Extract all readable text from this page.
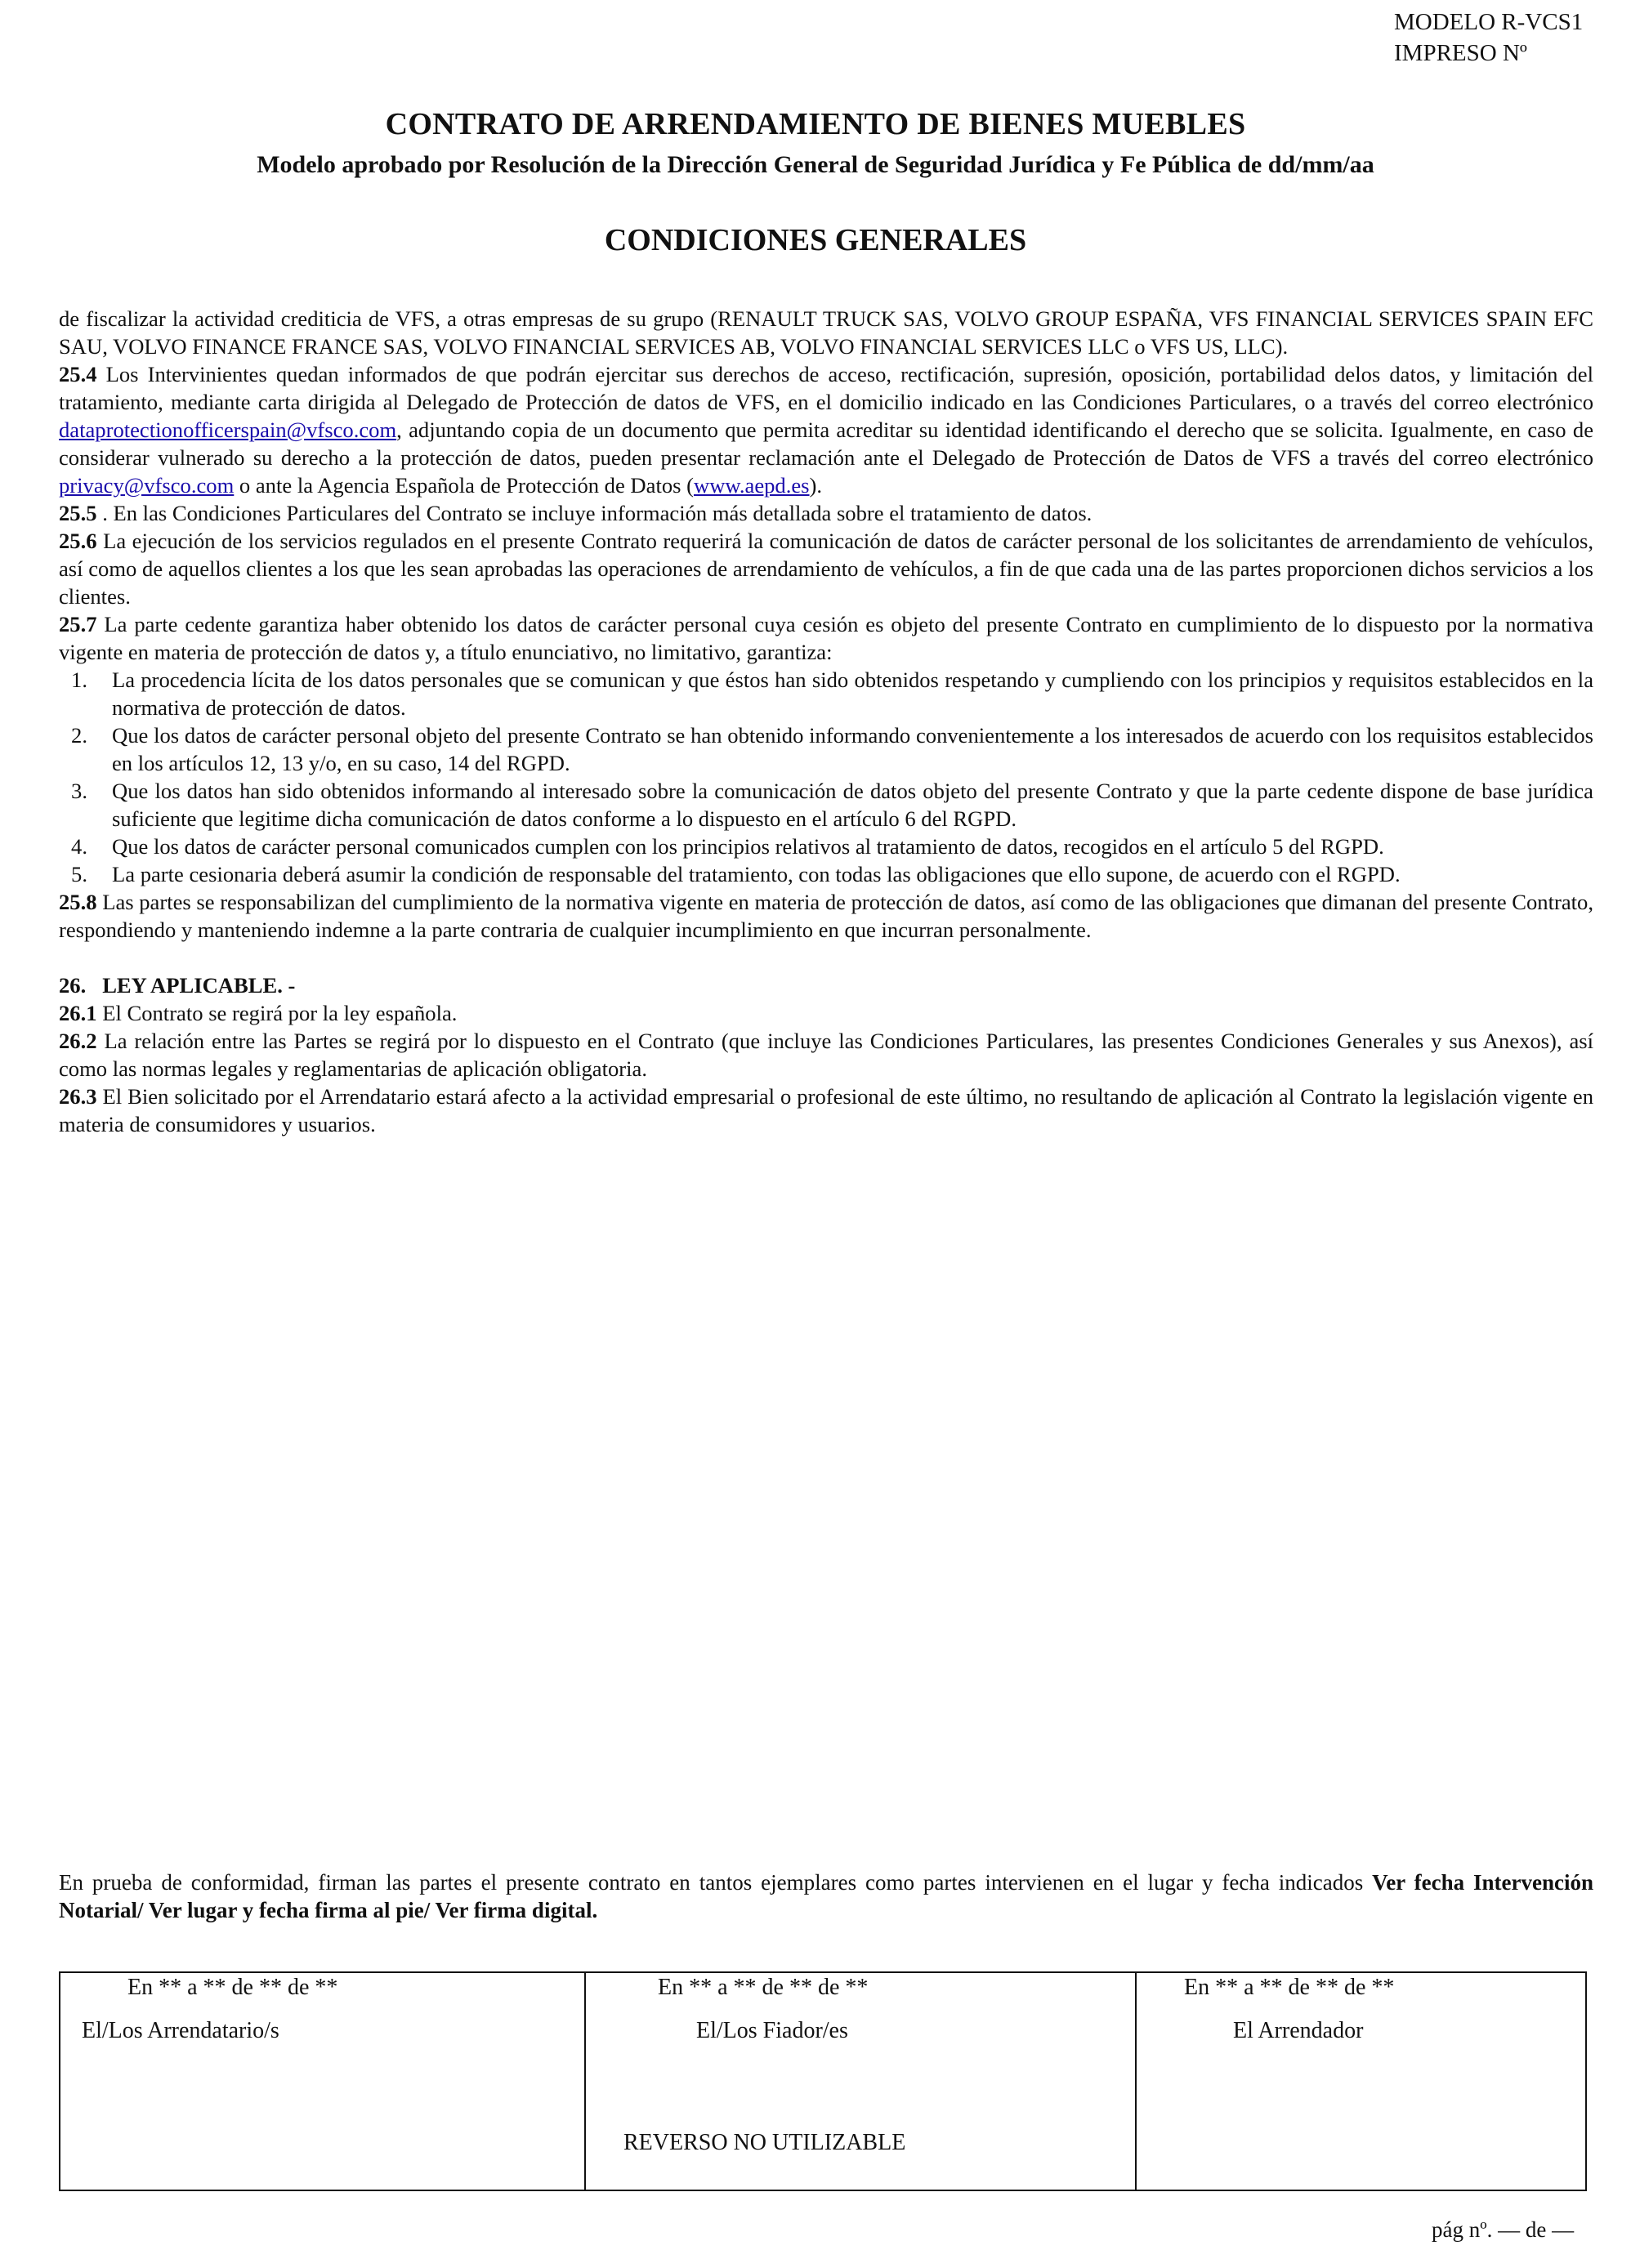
MODELO R-VCS1
IMPRESO Nº
CONTRATO DE ARRENDAMIENTO DE BIENES MUEBLES
Modelo aprobado por Resolución de la Dirección General de Seguridad Jurídica y Fe Pública de dd/mm/aa
CONDICIONES GENERALES

de fiscalizar la actividad crediticia de VFS, a otras empresas de su grupo (RENAULT TRUCK SAS, VOLVO GROUP ESPAÑA, VFS FINANCIAL SERVICES SPAIN EFC SAU, VOLVO FINANCE FRANCE SAS, VOLVO FINANCIAL SERVICES AB, VOLVO FINANCIAL SERVICES LLC o VFS US, LLC).

25.4 Los Intervinientes quedan informados de que podrán ejercitar sus derechos de acceso, rectificación, supresión, oposición, portabilidad delos datos, y limitación del tratamiento, mediante carta dirigida al Delegado de Protección de datos de VFS, en el domicilio indicado en las Condiciones Particulares, o a través del correo electrónico dataprotectionofficerspain@vfsco.com, adjuntando copia de un documento que permita acreditar su identidad identificando el derecho que se solicita. Igualmente, en caso de considerar vulnerado su derecho a la protección de datos, pueden presentar reclamación ante el Delegado de Protección de Datos de VFS a través del correo electrónico privacy@vfsco.com o ante la Agencia Española de Protección de Datos (www.aepd.es).

25.5 . En las Condiciones Particulares del Contrato se incluye información más detallada sobre el tratamiento de datos.

25.6 La ejecución de los servicios regulados en el presente Contrato requerirá la comunicación de datos de carácter personal de los solicitantes de arrendamiento de vehículos, así como de aquellos clientes a los que les sean aprobadas las operaciones de arrendamiento de vehículos, a fin de que cada una de las partes proporcionen dichos servicios a los clientes.

25.7 La parte cedente garantiza haber obtenido los datos de carácter personal cuya cesión es objeto del presente Contrato en cumplimiento de lo dispuesto por la normativa vigente en materia de protección de datos y, a título enunciativo, no limitativo, garantiza:

1. La procedencia lícita de los datos personales que se comunican y que éstos han sido obtenidos respetando y cumpliendo con los principios y requisitos establecidos en la normativa de protección de datos.
2. Que los datos de carácter personal objeto del presente Contrato se han obtenido informando convenientemente a los interesados de acuerdo con los requisitos establecidos en los artículos 12, 13 y/o, en su caso, 14 del RGPD.
3. Que los datos han sido obtenidos informando al interesado sobre la comunicación de datos objeto del presente Contrato y que la parte cedente dispone de base jurídica suficiente que legitime dicha comunicación de datos conforme a lo dispuesto en el artículo 6 del RGPD.
4. Que los datos de carácter personal comunicados cumplen con los principios relativos al tratamiento de datos, recogidos en el artículo 5 del RGPD.
5. La parte cesionaria deberá asumir la condición de responsable del tratamiento, con todas las obligaciones que ello supone, de acuerdo con el RGPD.

25.8 Las partes se responsabilizan del cumplimiento de la normativa vigente en materia de protección de datos, así como de las obligaciones que dimanan del presente Contrato, respondiendo y manteniendo indemne a la parte contraria de cualquier incumplimiento en que incurran personalmente.

26.   LEY APLICABLE. -

26.1 El Contrato se regirá por la ley española.

26.2 La relación entre las Partes se regirá por lo dispuesto en el Contrato (que incluye las Condiciones Particulares, las presentes Condiciones Generales y sus Anexos), así como las normas legales y reglamentarias de aplicación obligatoria.

26.3 El Bien solicitado por el Arrendatario estará afecto a la actividad empresarial o profesional de este último, no resultando de aplicación al Contrato la legislación vigente en materia de consumidores y usuarios.

En prueba de conformidad, firman las partes el presente contrato en tantos ejemplares como partes intervienen en el lugar y fecha indicados Ver fecha Intervención Notarial/ Ver lugar y fecha firma al pie/ Ver firma digital.
En ** a ** de ** de **
El/Los Arrendatario/s

En ** a ** de ** de **
El/Los Fiador/es
REVERSO NO UTILIZABLE

En ** a ** de ** de **
El Arrendador
pág nº. — de —
